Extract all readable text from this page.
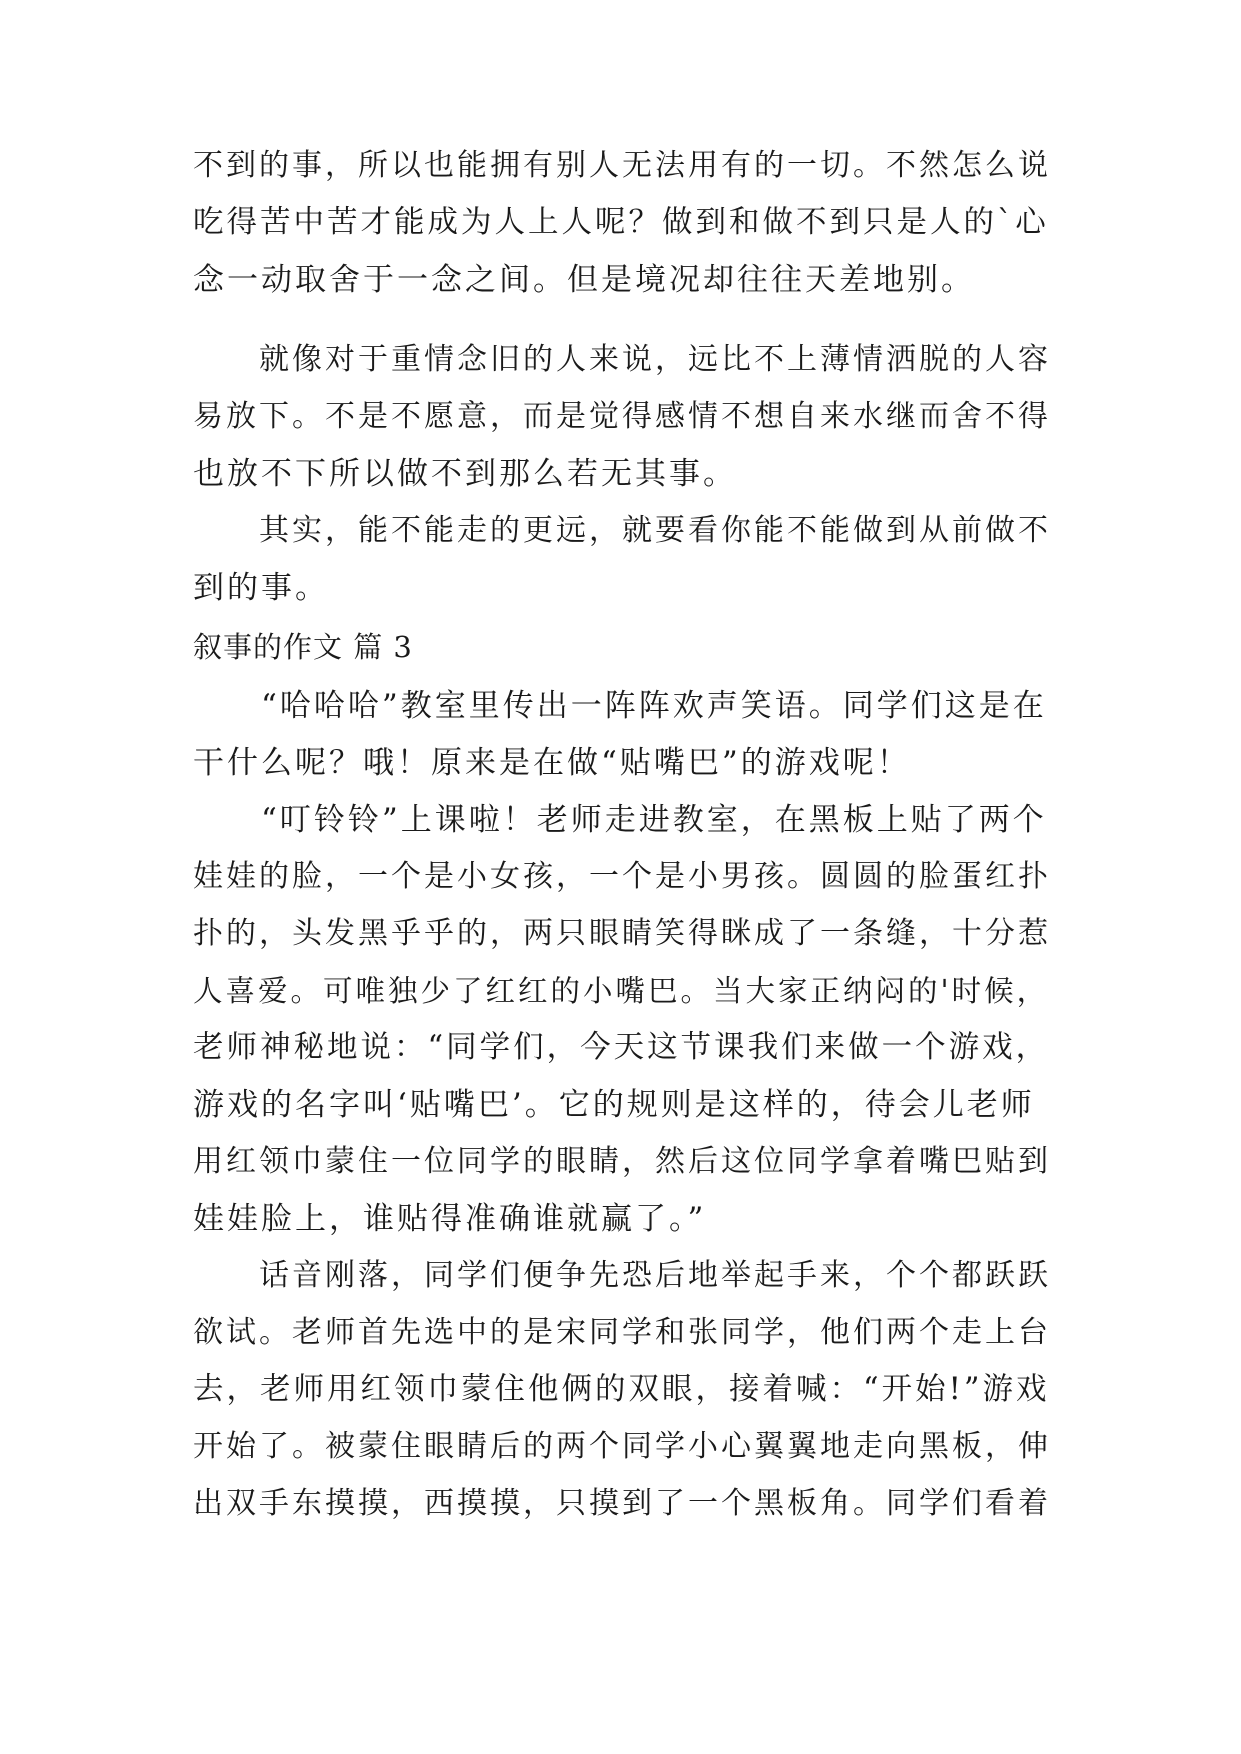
不到的事，所以也能拥有别人无法用有的一切。不然怎么说
吃得苦中苦才能成为人上人呢？做到和做不到只是人的`心
念一动取舍于一念之间。但是境况却往往天差地别。
　　就像对于重情念旧的人来说，远比不上薄情洒脱的人容
易放下。不是不愿意，而是觉得感情不想自来水继而舍不得
也放不下所以做不到那么若无其事。
　　其实，能不能走的更远，就要看你能不能做到从前做不
到的事。
叙事的作文 篇 3
　　“哈哈哈”教室里传出一阵阵欢声笑语。同学们这是在
干什么呢？哦！原来是在做“贴嘴巴”的游戏呢！
　　“叮铃铃”上课啦！老师走进教室，在黑板上贴了两个
娃娃的脸，一个是小女孩，一个是小男孩。圆圆的脸蛋红扑
扑的，头发黑乎乎的，两只眼睛笑得眯成了一条缝，十分惹
人喜爱。可唯独少了红红的小嘴巴。当大家正纳闷的'时候，
老师神秘地说：“同学们，今天这节课我们来做一个游戏，
游戏的名字叫‘贴嘴巴’。它的规则是这样的，待会儿老师
用红领巾蒙住一位同学的眼睛，然后这位同学拿着嘴巴贴到
娃娃脸上，谁贴得准确谁就赢了。”
　　话音刚落，同学们便争先恐后地举起手来，个个都跃跃
欲试。老师首先选中的是宋同学和张同学，他们两个走上台
去，老师用红领巾蒙住他俩的双眼，接着喊：“开始!”游戏
开始了。被蒙住眼睛后的两个同学小心翼翼地走向黑板，伸
出双手东摸摸，西摸摸，只摸到了一个黑板角。同学们看着
